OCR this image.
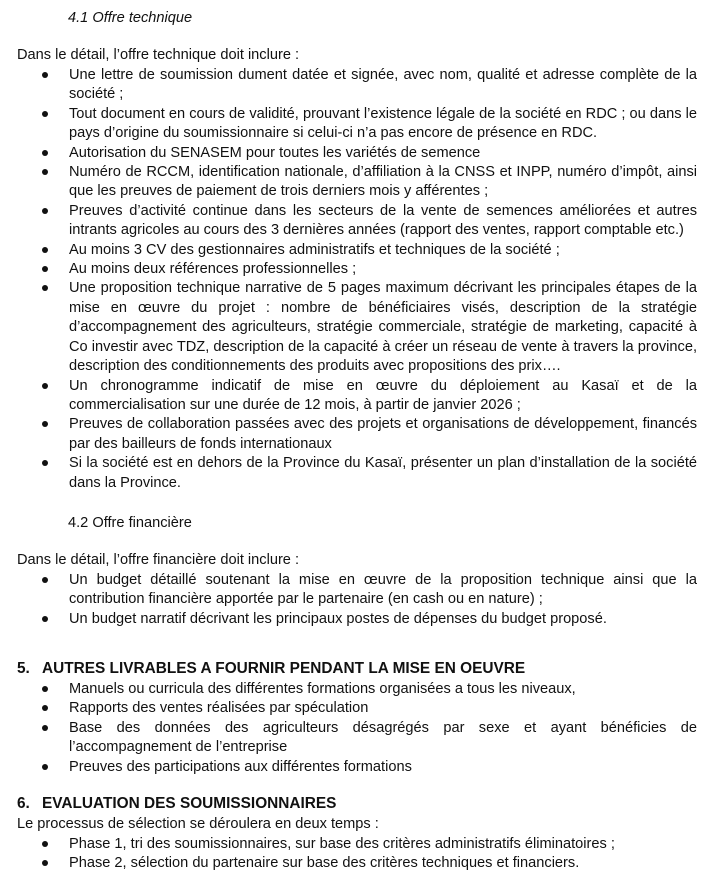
4.1 Offre technique

Dans le détail, l’offre technique doit inclure :

Une lettre de soumission dument datée et signée, avec nom, qualité et adresse complète de la société ;
Tout document en cours de validité, prouvant l’existence légale de la société en RDC ; ou dans le pays d’origine du soumissionnaire si celui-ci n’a pas encore de présence en RDC.
Autorisation du SENASEM pour toutes les variétés de semence
Numéro de RCCM, identification nationale, d’affiliation à la CNSS et INPP, numéro d’impôt, ainsi que les preuves de paiement de trois derniers mois y afférentes ;
Preuves d’activité continue dans les secteurs de la vente de semences améliorées et autres intrants agricoles au cours des 3 dernières années (rapport des ventes, rapport comptable etc.)
Au moins 3 CV des gestionnaires administratifs et techniques de la société ;
Au moins deux références professionnelles ;
Une proposition technique narrative de 5 pages maximum décrivant les principales étapes de la mise en œuvre du projet : nombre de bénéficiaires visés, description de la stratégie d’accompagnement des agriculteurs, stratégie commerciale, stratégie de marketing, capacité à Co investir avec TDZ, description de la capacité à créer un réseau de vente à travers la province, description des conditionnements des produits avec propositions des prix….
Un chronogramme indicatif de mise en œuvre du déploiement au Kasaï et de la commercialisation sur une durée de 12 mois, à partir de janvier 2026 ;
Preuves de collaboration passées avec des projets et organisations de développement, financés par des bailleurs de fonds internationaux
Si la société est en dehors de la Province du Kasaï, présenter un plan d’installation de la société dans la Province.
4.2 Offre financière

Dans le détail, l’offre financière doit inclure :

Un budget détaillé soutenant la mise en œuvre de la proposition technique ainsi que la contribution financière apportée par le partenaire (en cash ou en nature) ;
Un budget narratif décrivant les principaux postes de dépenses du budget proposé.
5. AUTRES LIVRABLES A FOURNIR PENDANT LA MISE EN OEUVRE
Manuels ou curricula des différentes formations organisées a tous les niveaux,
Rapports des ventes réalisées par spéculation
Base des données des agriculteurs désagrégés par sexe et ayant bénéficies de l’accompagnement de l’entreprise
Preuves des participations aux différentes formations
6. EVALUATION DES SOUMISSIONNAIRES

Le processus de sélection se déroulera en deux temps :

Phase 1, tri des soumissionnaires, sur base des critères administratifs éliminatoires ;
Phase 2, sélection du partenaire sur base des critères techniques et financiers.
